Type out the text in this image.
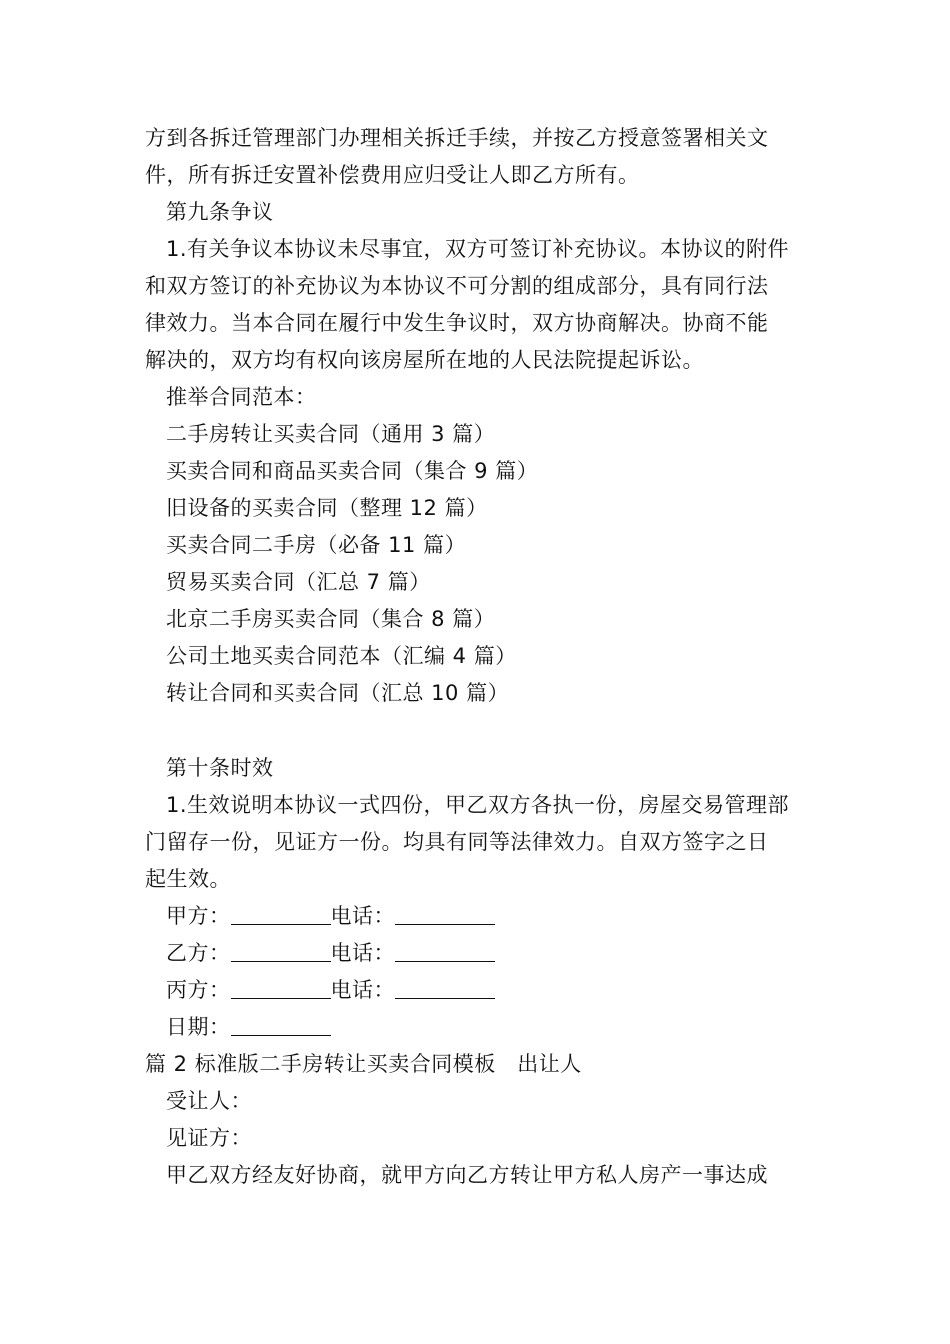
方到各拆迁管理部门办理相关拆迁手续，并按乙方授意签署相关文
件，所有拆迁安置补偿费用应归受让人即乙方所有。
第九条争议
1.有关争议本协议未尽事宜，双方可签订补充协议。本协议的附件
和双方签订的补充协议为本协议不可分割的组成部分，具有同行法
律效力。当本合同在履行中发生争议时，双方协商解决。协商不能
解决的，双方均有权向该房屋所在地的人民法院提起诉讼。
推举合同范本：
二手房转让买卖合同（通用 3 篇）
买卖合同和商品买卖合同（集合 9 篇）
旧设备的买卖合同（整理 12 篇）
买卖合同二手房（必备 11 篇）
贸易买卖合同（汇总 7 篇）
北京二手房买卖合同（集合 8 篇）
公司土地买卖合同范本（汇编 4 篇）
转让合同和买卖合同（汇总 10 篇）
第十条时效
1.生效说明本协议一式四份，甲乙双方各执一份，房屋交易管理部
门留存一份，见证方一份。均具有同等法律效力。自双方签字之日
起生效。
甲方：	电话：
乙方：	电话：
丙方：	电话：
日期：
篇 2 标准版二手房转让买卖合同模板　出让人
受让人：
见证方：
甲乙双方经友好协商，就甲方向乙方转让甲方私人房产一事达成
